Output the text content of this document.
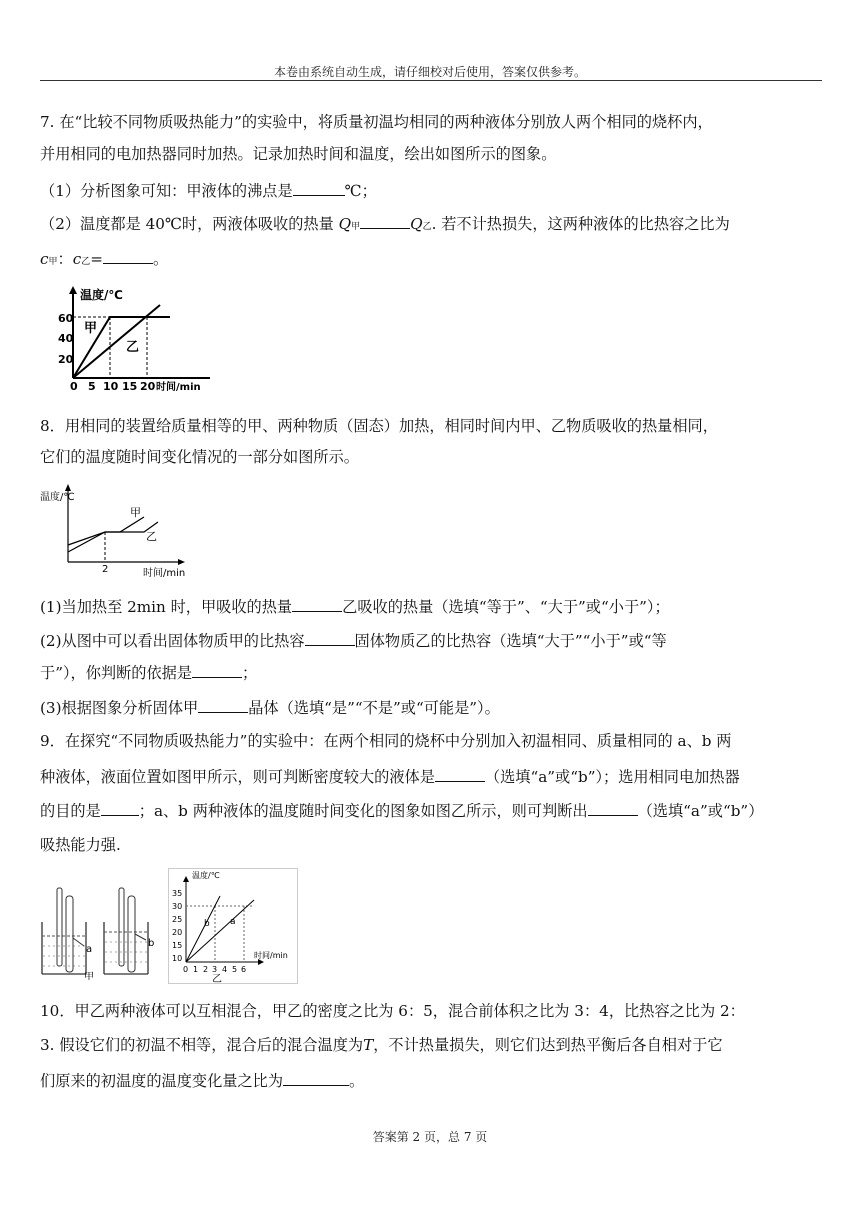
本卷由系统自动生成，请仔细校对后使用，答案仅供参考。
7. 在“比较不同物质吸热能力”的实验中，将质量初温均相同的两种液体分别放人两个相同的烧杯内，
并用相同的电加热器同时加热。记录加热时间和温度，绘出如图所示的图象。
（1）分析图象可知：甲液体的沸点是	℃；
（2）温度都是 40℃时，两液体吸收的热量 Q甲	Q乙. 若不计热损失，这两种液体的比热容之比为
c甲：c乙=	。
温度/℃
60
40
20
甲
乙
0 5 10 15 20 时间/min
8．用相同的装置给质量相等的甲、两种物质（固态）加热，相同时间内甲、乙物质吸收的热量相同，
它们的温度随时间变化情况的一部分如图所示。
温度/℃
甲
乙
2	时间/min
(1)当加热至 2min 时，甲吸收的热量	乙吸收的热量（选填“等于”、“大于”或“小于”）；
(2)从图中可以看出固体物质甲的比热容	固体物质乙的比热容（选填“大于”“小于”或“等
于”），你判断的依据是	；
(3)根据图象分析固体甲	晶体（选填“是”“不是”或“可能是”）。
9．在探究“不同物质吸热能力”的实验中：在两个相同的烧杯中分别加入初温相同、质量相同的 a、b 两
种液体，液面位置如图甲所示，则可判断密度较大的液体是	（选填“a”或“b”）；选用相同电加热器
的目的是	；a、b 两种液体的温度随时间变化的图象如图乙所示，则可判断出	（选填“a”或“b”）
吸热能力强.
a
b
甲
温度/℃
35
30
25
20
15
10
b a
0 1 2 3 4 5 6
时间/min
乙
10．甲乙两种液体可以互相混合，甲乙的密度之比为 6：5，混合前体积之比为 3：4，比热容之比为 2：
3. 假设它们的初温不相等，混合后的混合温度为T，不计热量损失，则它们达到热平衡后各自相对于它
们原来的初温度的温度变化量之比为	。
答案第 2 页，总 7 页
